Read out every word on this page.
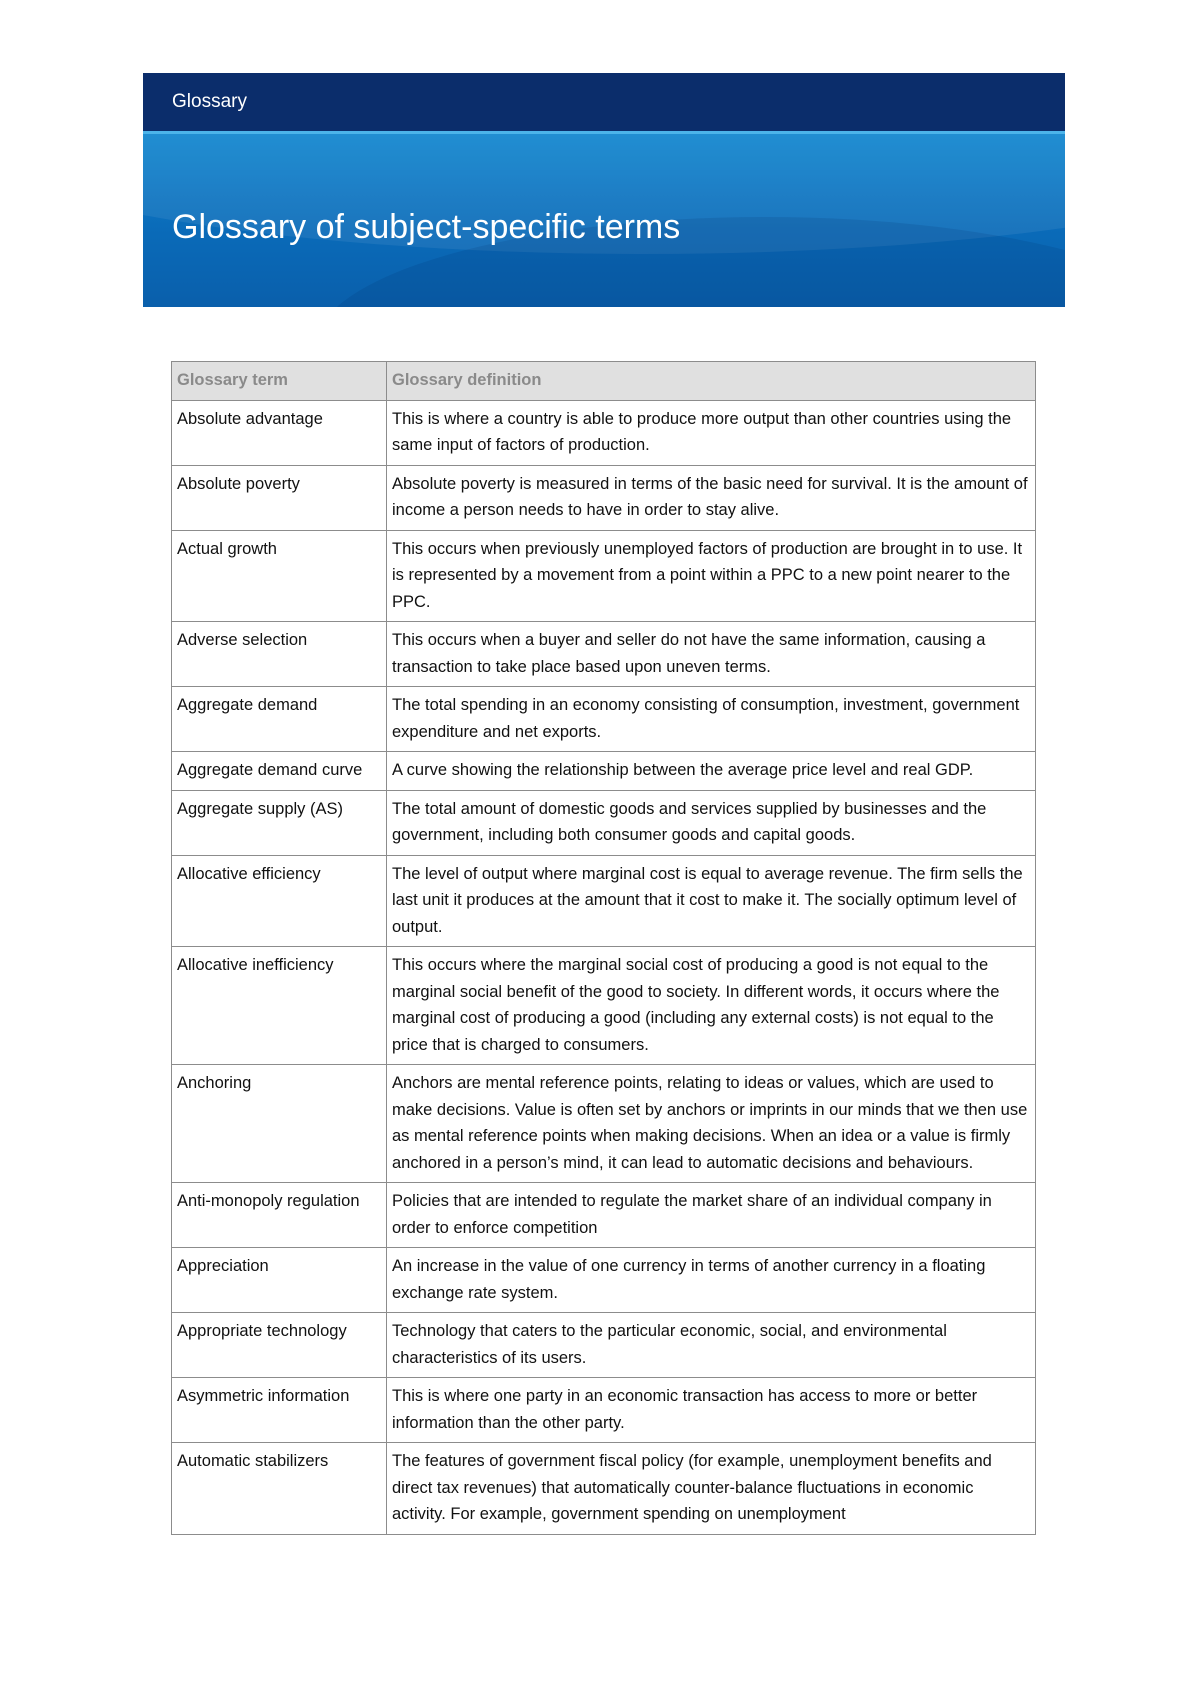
Glossary
Glossary of subject-specific terms
Glossary term	Glossary definition
Absolute advantage	This is where a country is able to produce more output than other countries using the same input of factors of production.
Absolute poverty	Absolute poverty is measured in terms of the basic need for survival. It is the amount of income a person needs to have in order to stay alive.
Actual growth	This occurs when previously unemployed factors of production are brought in to use. It is represented by a movement from a point within a PPC to a new point nearer to the PPC.
Adverse selection	This occurs when a buyer and seller do not have the same information, causing a transaction to take place based upon uneven terms.
Aggregate demand	The total spending in an economy consisting of consumption, investment, government expenditure and net exports.
Aggregate demand curve	A curve showing the relationship between the average price level and real GDP.
Aggregate supply (AS)	The total amount of domestic goods and services supplied by businesses and the government, including both consumer goods and capital goods.
Allocative efficiency	The level of output where marginal cost is equal to average revenue. The firm sells the last unit it produces at the amount that it cost to make it. The socially optimum level of output.
Allocative inefficiency	This occurs where the marginal social cost of producing a good is not equal to the marginal social benefit of the good to society. In different words, it occurs where the marginal cost of producing a good (including any external costs) is not equal to the price that is charged to consumers.
Anchoring	Anchors are mental reference points, relating to ideas or values, which are used to make decisions. Value is often set by anchors or imprints in our minds that we then use as mental reference points when making decisions. When an idea or a value is firmly anchored in a person’s mind, it can lead to automatic decisions and behaviours.
Anti-monopoly regulation	Policies that are intended to regulate the market share of an individual company in order to enforce competition
Appreciation	An increase in the value of one currency in terms of another currency in a floating exchange rate system.
Appropriate technology	Technology that caters to the particular economic, social, and environmental characteristics of its users.
Asymmetric information	This is where one party in an economic transaction has access to more or better information than the other party.
Automatic stabilizers	The features of government fiscal policy (for example, unemployment benefits and direct tax revenues) that automatically counter-balance fluctuations in economic activity. For example, government spending on unemployment
